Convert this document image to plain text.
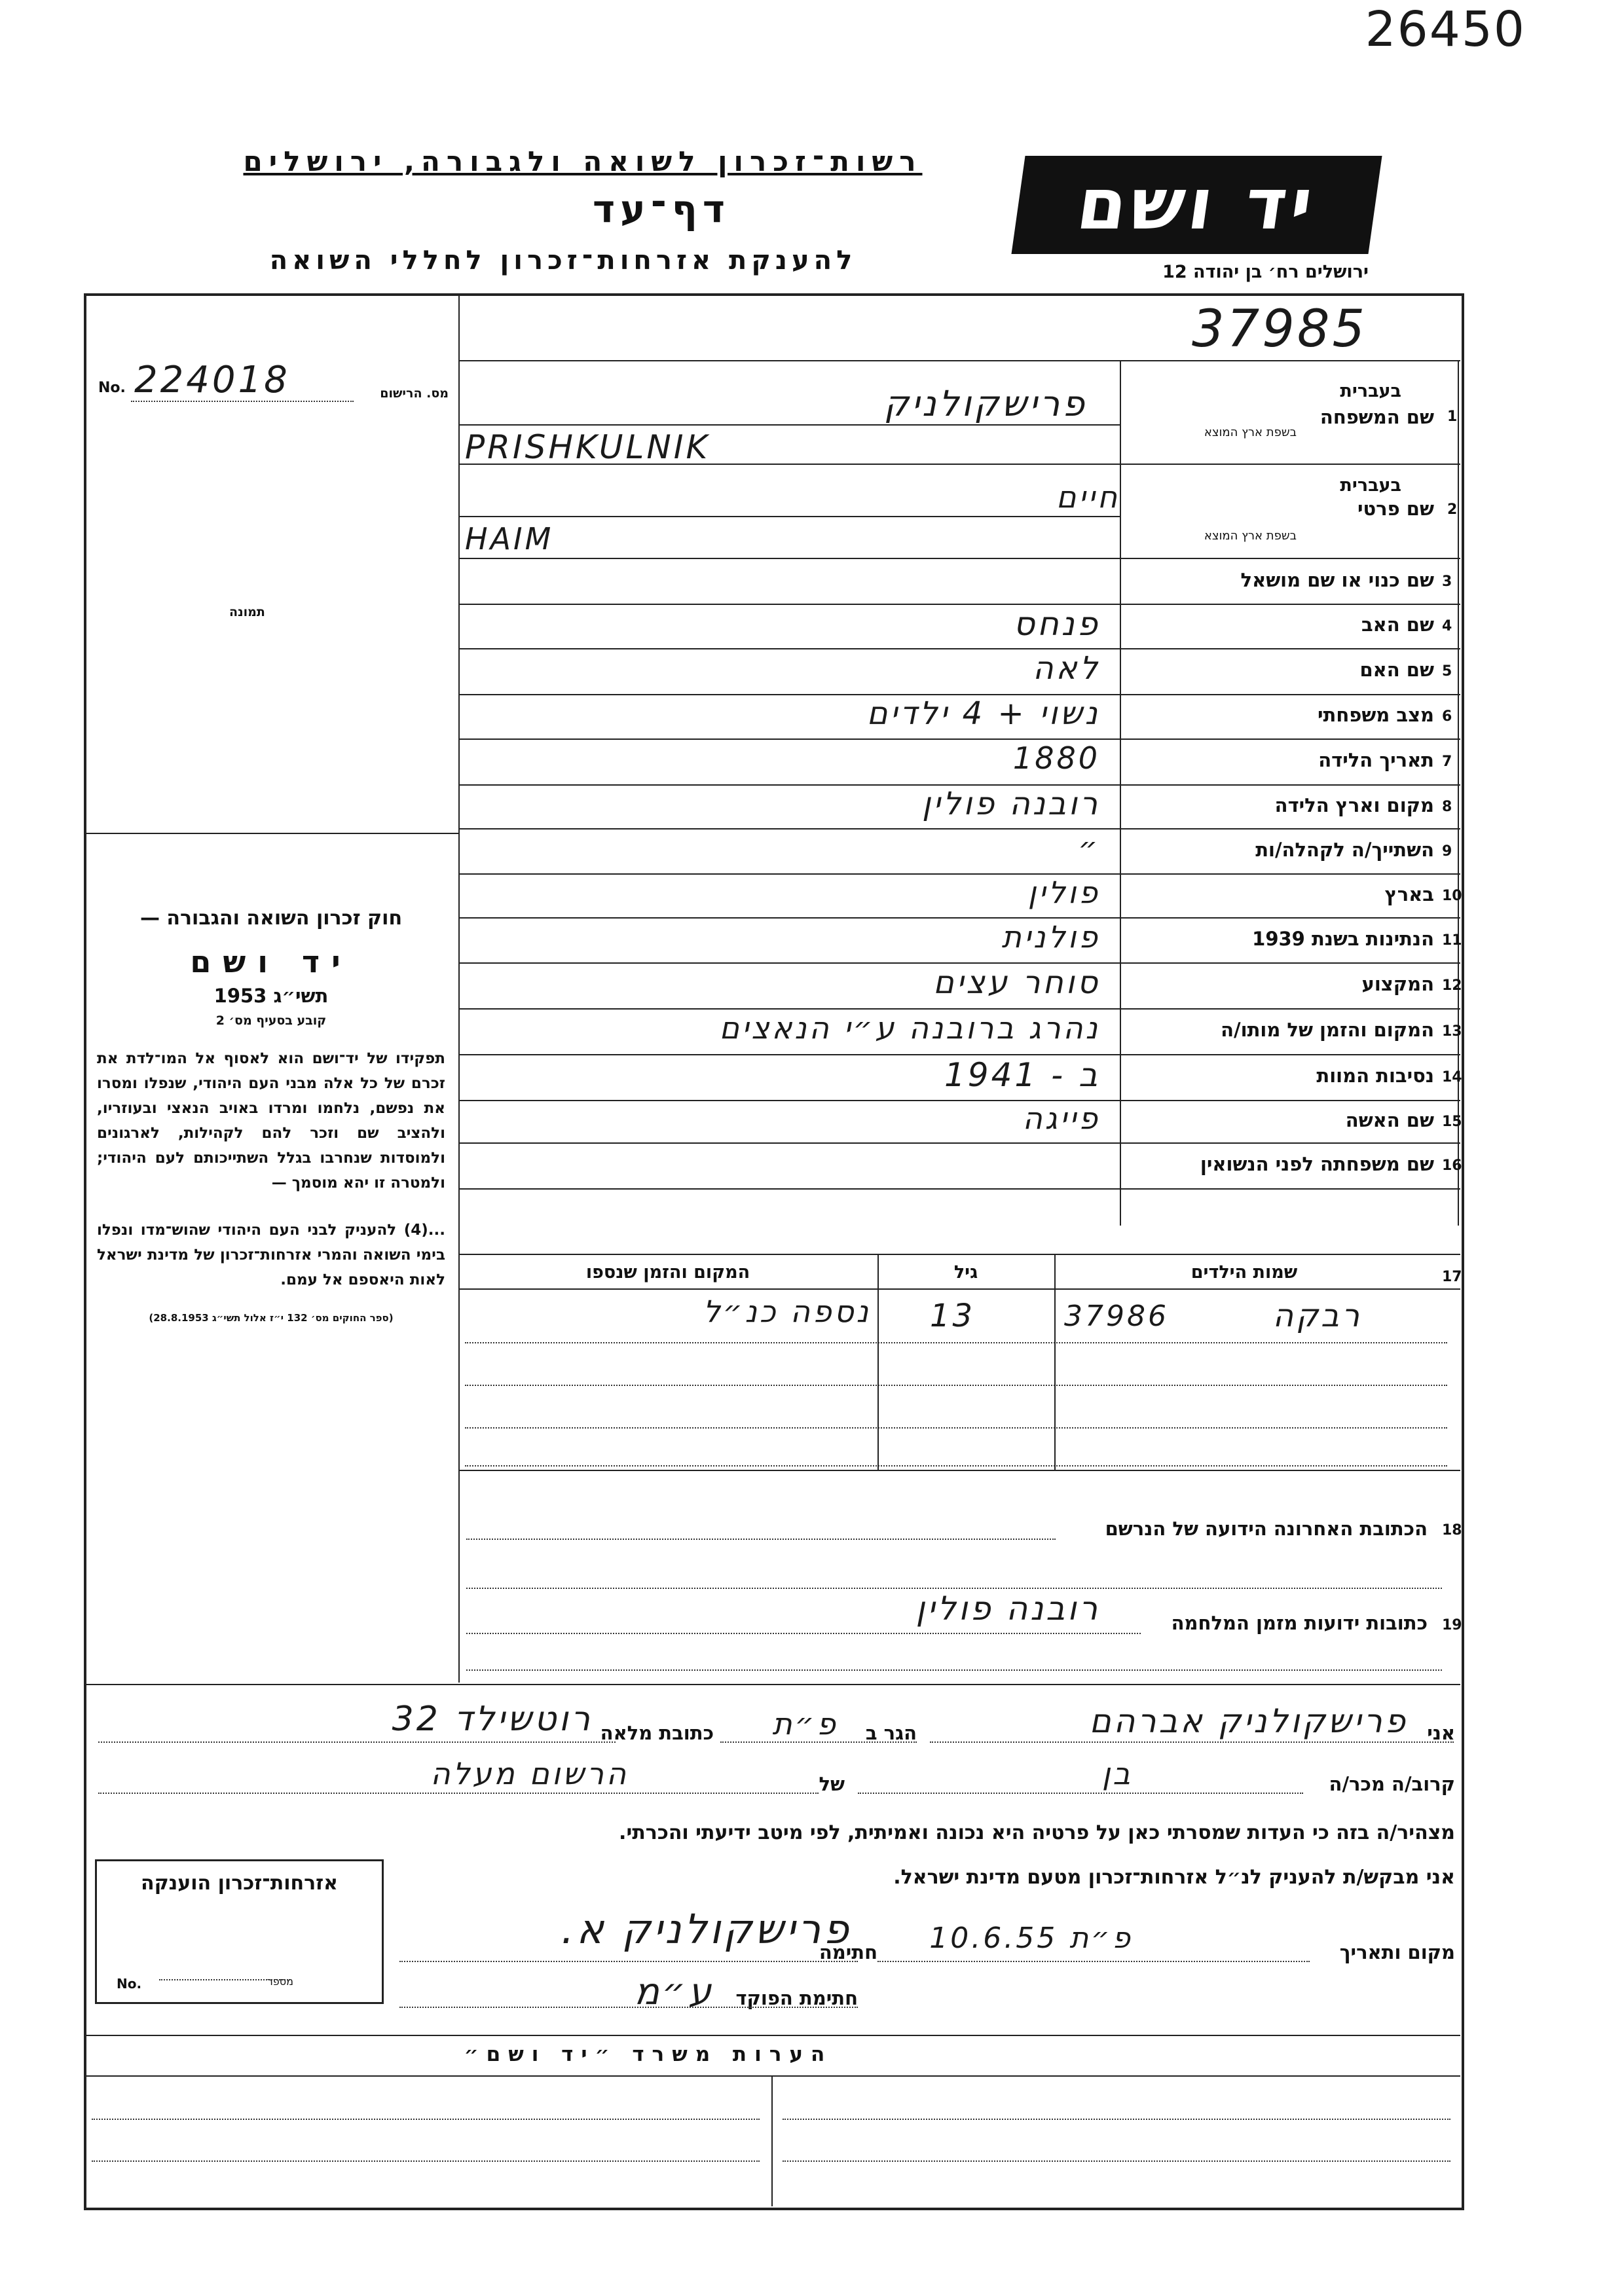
26450
רשות־זכרון לשואה ולגבורה, ירושלים
דף־עד
להענקת אזרחות־זכרון לחללי השואה
יד ושם
ירושלים רח׳ בן יהודה 12
37985
No. 224018	מס. הרישום
תמונה
חוק זכרון השואה והגבורה —
יד ושם
תשי״ג 1953
קובע בסעיף מס׳ 2
תפקידו של יד־ושם הוא לאסוף אל המו־לדת את זכרם של כל אלה מבני העם היהודי, שנפלו ומסרו את נפשם, נלחמו ומרדו באויב הנאצי ובעוזריו, ולהציב שם וזכר להם לקהילות, לארגונים ולמוסדות שנחרבו בגלל השתייכותם לעם היהודי; ולמטרה זו יהא מוסמך —
...(4) להעניק לבני העם היהודי שהוש־מדו ונפלו בימי השואה והמרי אזרחות־זכרון של מדינת ישראל לאות היאספם אל עמם.
(ספר החוקים מס׳ 132 י״ז אלול תשי״ג 28.8.1953)
שם המשפחה 1
בעברית
בשפת ארץ המוצא
פרישקולניק
PRISHKULNIK
שם פרטי 2
בעברית
בשפת ארץ המוצא
חיים
HAIM
שם כנוי או שם מושאל 3
שם האב 4
פנחס
שם האם 5
לאה
מצב משפחתי 6
נשוי + 4 ילדים
תאריך הלידה 7
1880
מקום וארץ הלידה 8
רובנה פולין
השתייך/ה לקהלה/ות 9
״
בארץ 10
פולין
הנתינות בשנת 1939 11
פולנית
המקצוע 12
סוחר עצים
המקום והזמן של מותו/ה 13
נהרג ברובנה ע״י הנאצים
נסיבות המוות 14
ב - 1941
שם האשה 15
פייגה
שם משפחתה לפני הנשואין 16
שמות הילדים
גיל
המקום והזמן שנספו	17
רבקה
37986
13
נספה כנ״ל
הכתובת האחרונה הידועה של הנרשם 18
כתובות ידועות מזמן המלחמה 19
רובנה פולין
אני
פרישקולניק אברהם
הגר ב
פ״ת
כתובת מלאה
רוטשילד 32
קרוב/ה מכר/ה
בן
של
הרשום מעלה
מצהיר/ה בזה כי העדות שמסרתי כאן על פרטיה היא נכונה ואמיתית, לפי מיטב ידיעתי והכרתי.
אני מבקש/ת להעניק לנ״ל אזרחות־זכרון מטעם מדינת ישראל.
אזרחות־זכרון הוענקה
מספר
No.
מקום ותאריך
פ״ת 10.6.55
חתימה
פרישקולניק א.
חתימת הפוקד
ע״מ
הערות משרד ״יד ושם״
